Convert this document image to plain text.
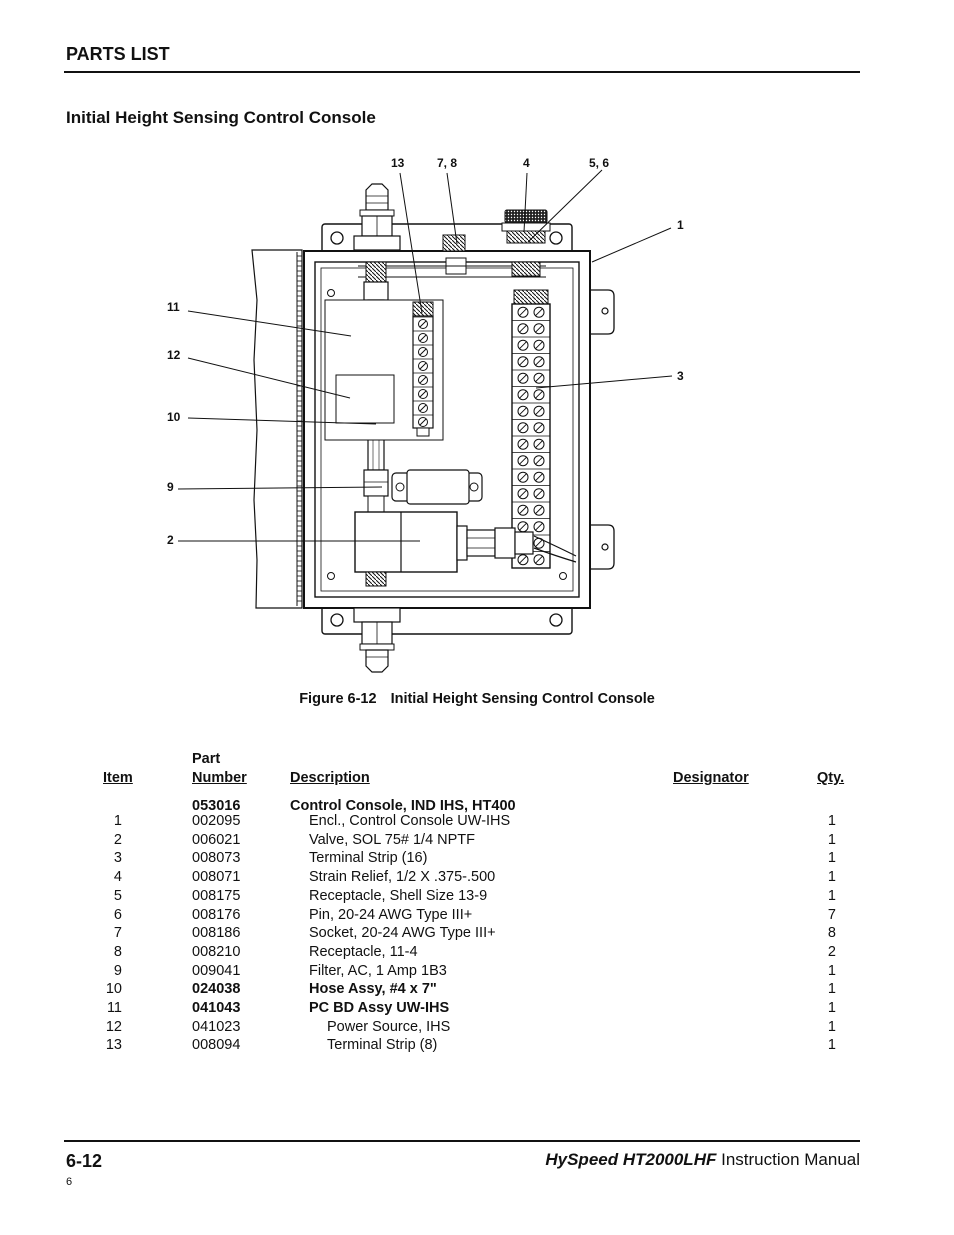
PARTS LIST
Initial Height Sensing Control Console
13	7, 8	4	5, 6
1
11
12
10
3
9
2
Figure 6-12 Initial Height Sensing Control Console
Item
Part
Number	Description	Designator	Qty.
053016	Control Console, IND IHS, HT400
1	002095	Encl., Control Console UW-IHS	1
2	006021	Valve, SOL 75# 1/4 NPTF	1
3	008073	Terminal Strip (16)	1
4	008071	Strain Relief, 1/2 X .375-.500	1
5	008175	Receptacle, Shell Size 13-9	1
6	008176	Pin, 20-24 AWG Type III+	7
7	008186	Socket, 20-24 AWG Type III+	8
8	008210	Receptacle, 11-4	2
9	009041	Filter, AC, 1 Amp 1B3	1
10	024038	Hose Assy, #4 x 7"	1
11	041043	PC BD Assy UW-IHS	1
12	041023	Power Source, IHS	1
13	008094	Terminal Strip (8)	1
6-12	HySpeed HT2000LHF Instruction Manual
6
